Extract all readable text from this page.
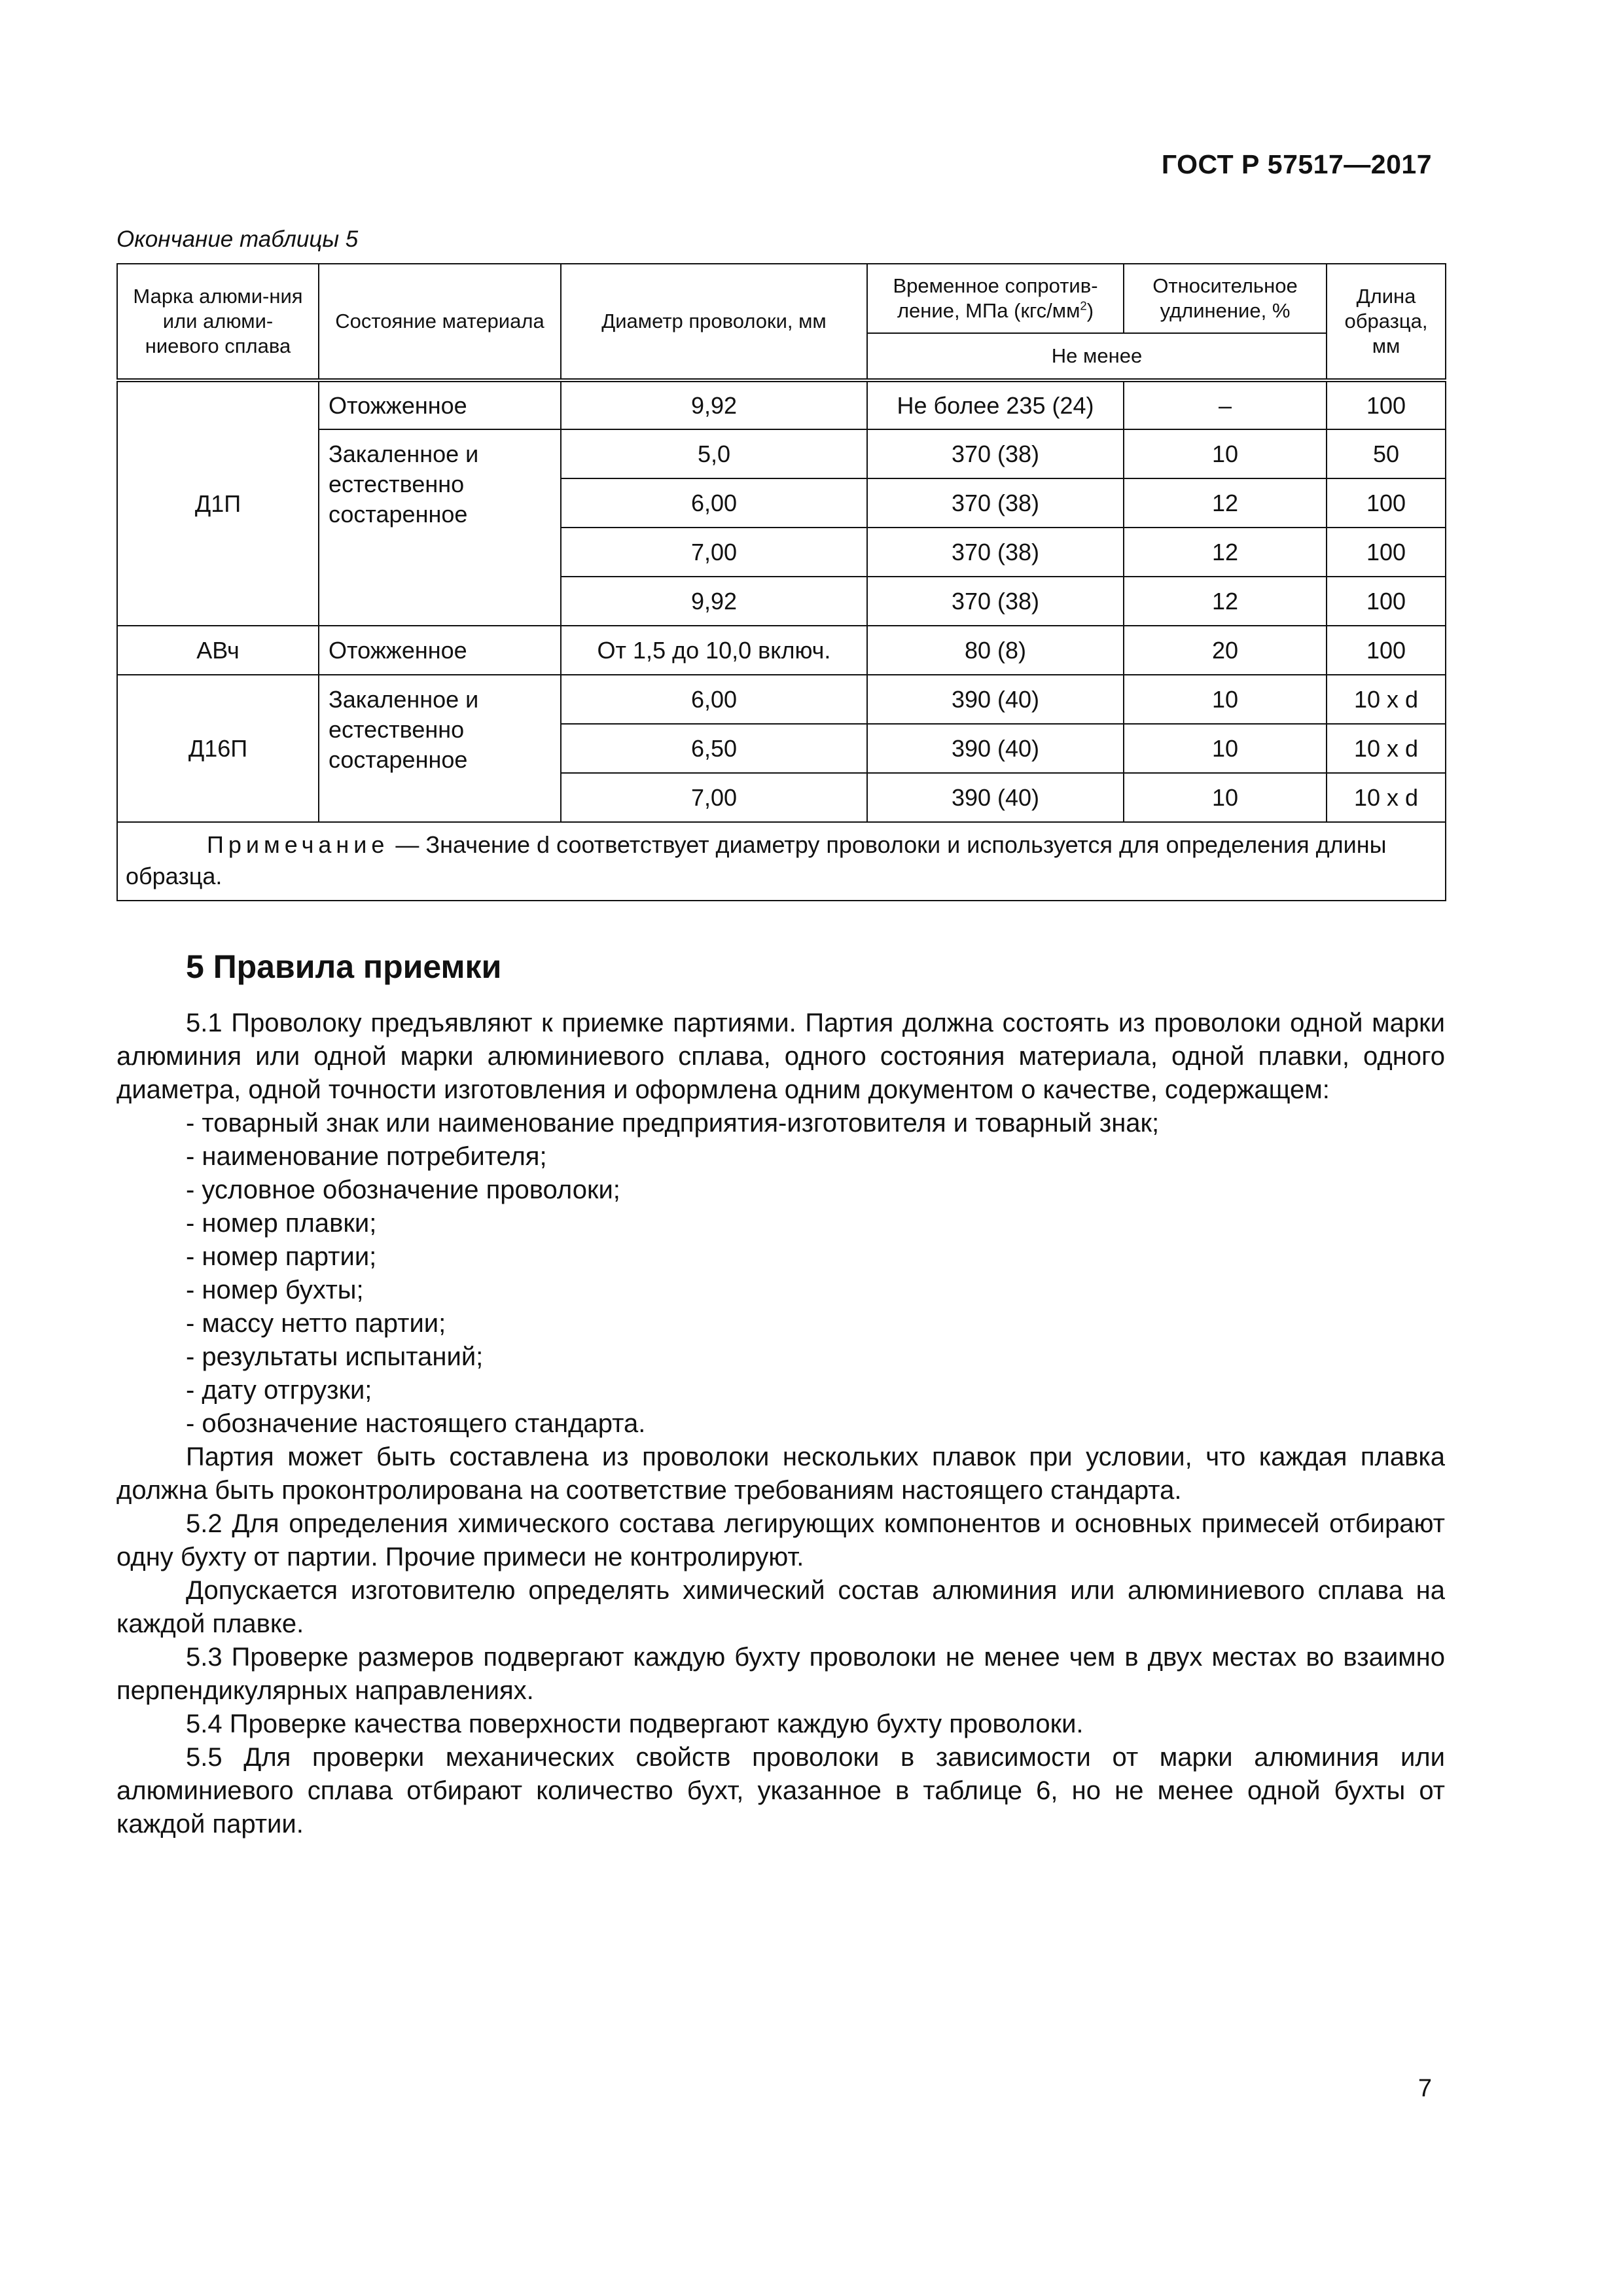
ГОСТ Р 57517—2017
Окончание таблицы 5
Марка алюми-ния или алюми-ниевого сплава	Состояние материала	Диаметр проволоки, мм	Временное сопротив-ление, МПа $(кгс/мм^2)$	Относительное удлинение, %	Длина образца, мм
			Не менее		
Д1П	Отожженное	9,92	Не более 235 (24)	–	100
	Закаленное и естественно состаренное	5,0	370 (38)	10	50
		6,00	370 (38)	12	100
		7,00	370 (38)	12	100
		9,92	370 (38)	12	100
АВч	Отожженное	От 1,5 до 10,0 включ.	80 (8)	20	100
Д16П	Закаленное и естественно состаренное	6,00	390 (40)	10	10 x d
		6,50	390 (40)	10	10 x d
		7,00	390 (40)	10	10 x d
Примечание — Значение d соответствует диаметру проволоки и используется для определения длины образца.					
5 Правила приемки

5.1 Проволоку предъявляют к приемке партиями. Партия должна состоять из проволоки одной марки алюминия или одной марки алюминиевого сплава, одного состояния материала, одной плавки, одного диаметра, одной точности изготовления и оформлена одним документом о качестве, содержащем:

- товарный знак или наименование предприятия-изготовителя и товарный знак;
- наименование потребителя;
- условное обозначение проволоки;
- номер плавки;
- номер партии;
- номер бухты;
- массу нетто партии;
- результаты испытаний;
- дату отгрузки;
- обозначение настоящего стандарта.

Партия может быть составлена из проволоки нескольких плавок при условии, что каждая плавка должна быть проконтролирована на соответствие требованиям настоящего стандарта.

5.2 Для определения химического состава легирующих компонентов и основных примесей отбирают одну бухту от партии. Прочие примеси не контролируют.

Допускается изготовителю определять химический состав алюминия или алюминиевого сплава на каждой плавке.

5.3 Проверке размеров подвергают каждую бухту проволоки не менее чем в двух местах во взаимно перпендикулярных направлениях.

5.4 Проверке качества поверхности подвергают каждую бухту проволоки.

5.5 Для проверки механических свойств проволоки в зависимости от марки алюминия или алюминиевого сплава отбирают количество бухт, указанное в таблице 6, но не менее одной бухты от каждой партии.

7
